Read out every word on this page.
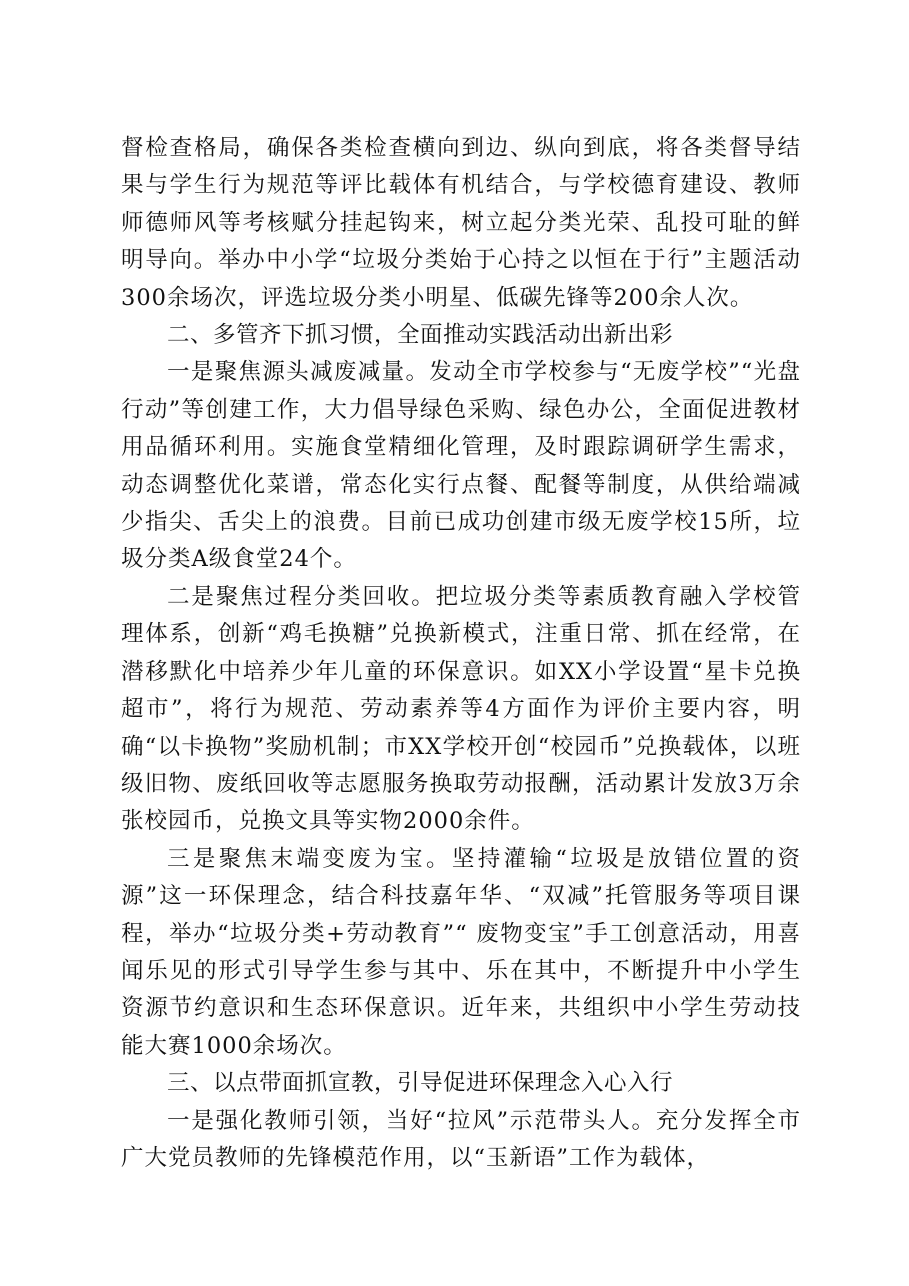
督检查格局，确保各类检查横向到边、纵向到底，将各类督导结果与学生行为规范等评比载体有机结合，与学校德育建设、教师师德师风等考核赋分挂起钩来，树立起分类光荣、乱投可耻的鲜明导向。举办中小学“垃圾分类始于心持之以恒在于行”主题活动300余场次，评选垃圾分类小明星、低碳先锋等200余人次。

二、多管齐下抓习惯，全面推动实践活动出新出彩

一是聚焦源头减废减量。发动全市学校参与“无废学校”“光盘行动”等创建工作，大力倡导绿色采购、绿色办公，全面促进教材用品循环利用。实施食堂精细化管理，及时跟踪调研学生需求，动态调整优化菜谱，常态化实行点餐、配餐等制度，从供给端减少指尖、舌尖上的浪费。目前已成功创建市级无废学校15所，垃圾分类A级食堂24个。

二是聚焦过程分类回收。把垃圾分类等素质教育融入学校管理体系，创新“鸡毛换糖”兑换新模式，注重日常、抓在经常，在潜移默化中培养少年儿童的环保意识。如XX小学设置“星卡兑换超市”，将行为规范、劳动素养等4方面作为评价主要内容，明确“以卡换物”奖励机制；市XX学校开创“校园币”兑换载体，以班级旧物、废纸回收等志愿服务换取劳动报酬，活动累计发放3万余张校园币，兑换文具等实物2000余件。

三是聚焦末端变废为宝。坚持灌输“垃圾是放错位置的资源”这一环保理念，结合科技嘉年华、“双减”托管服务等项目课程，举办“垃圾分类+劳动教育”“ 废物变宝”手工创意活动，用喜闻乐见的形式引导学生参与其中、乐在其中，不断提升中小学生资源节约意识和生态环保意识。近年来，共组织中小学生劳动技能大赛1000余场次。

三、以点带面抓宣教，引导促进环保理念入心入行

一是强化教师引领，当好“拉风”示范带头人。充分发挥全市广大党员教师的先锋模范作用，以“玉新语”工作为载体，
